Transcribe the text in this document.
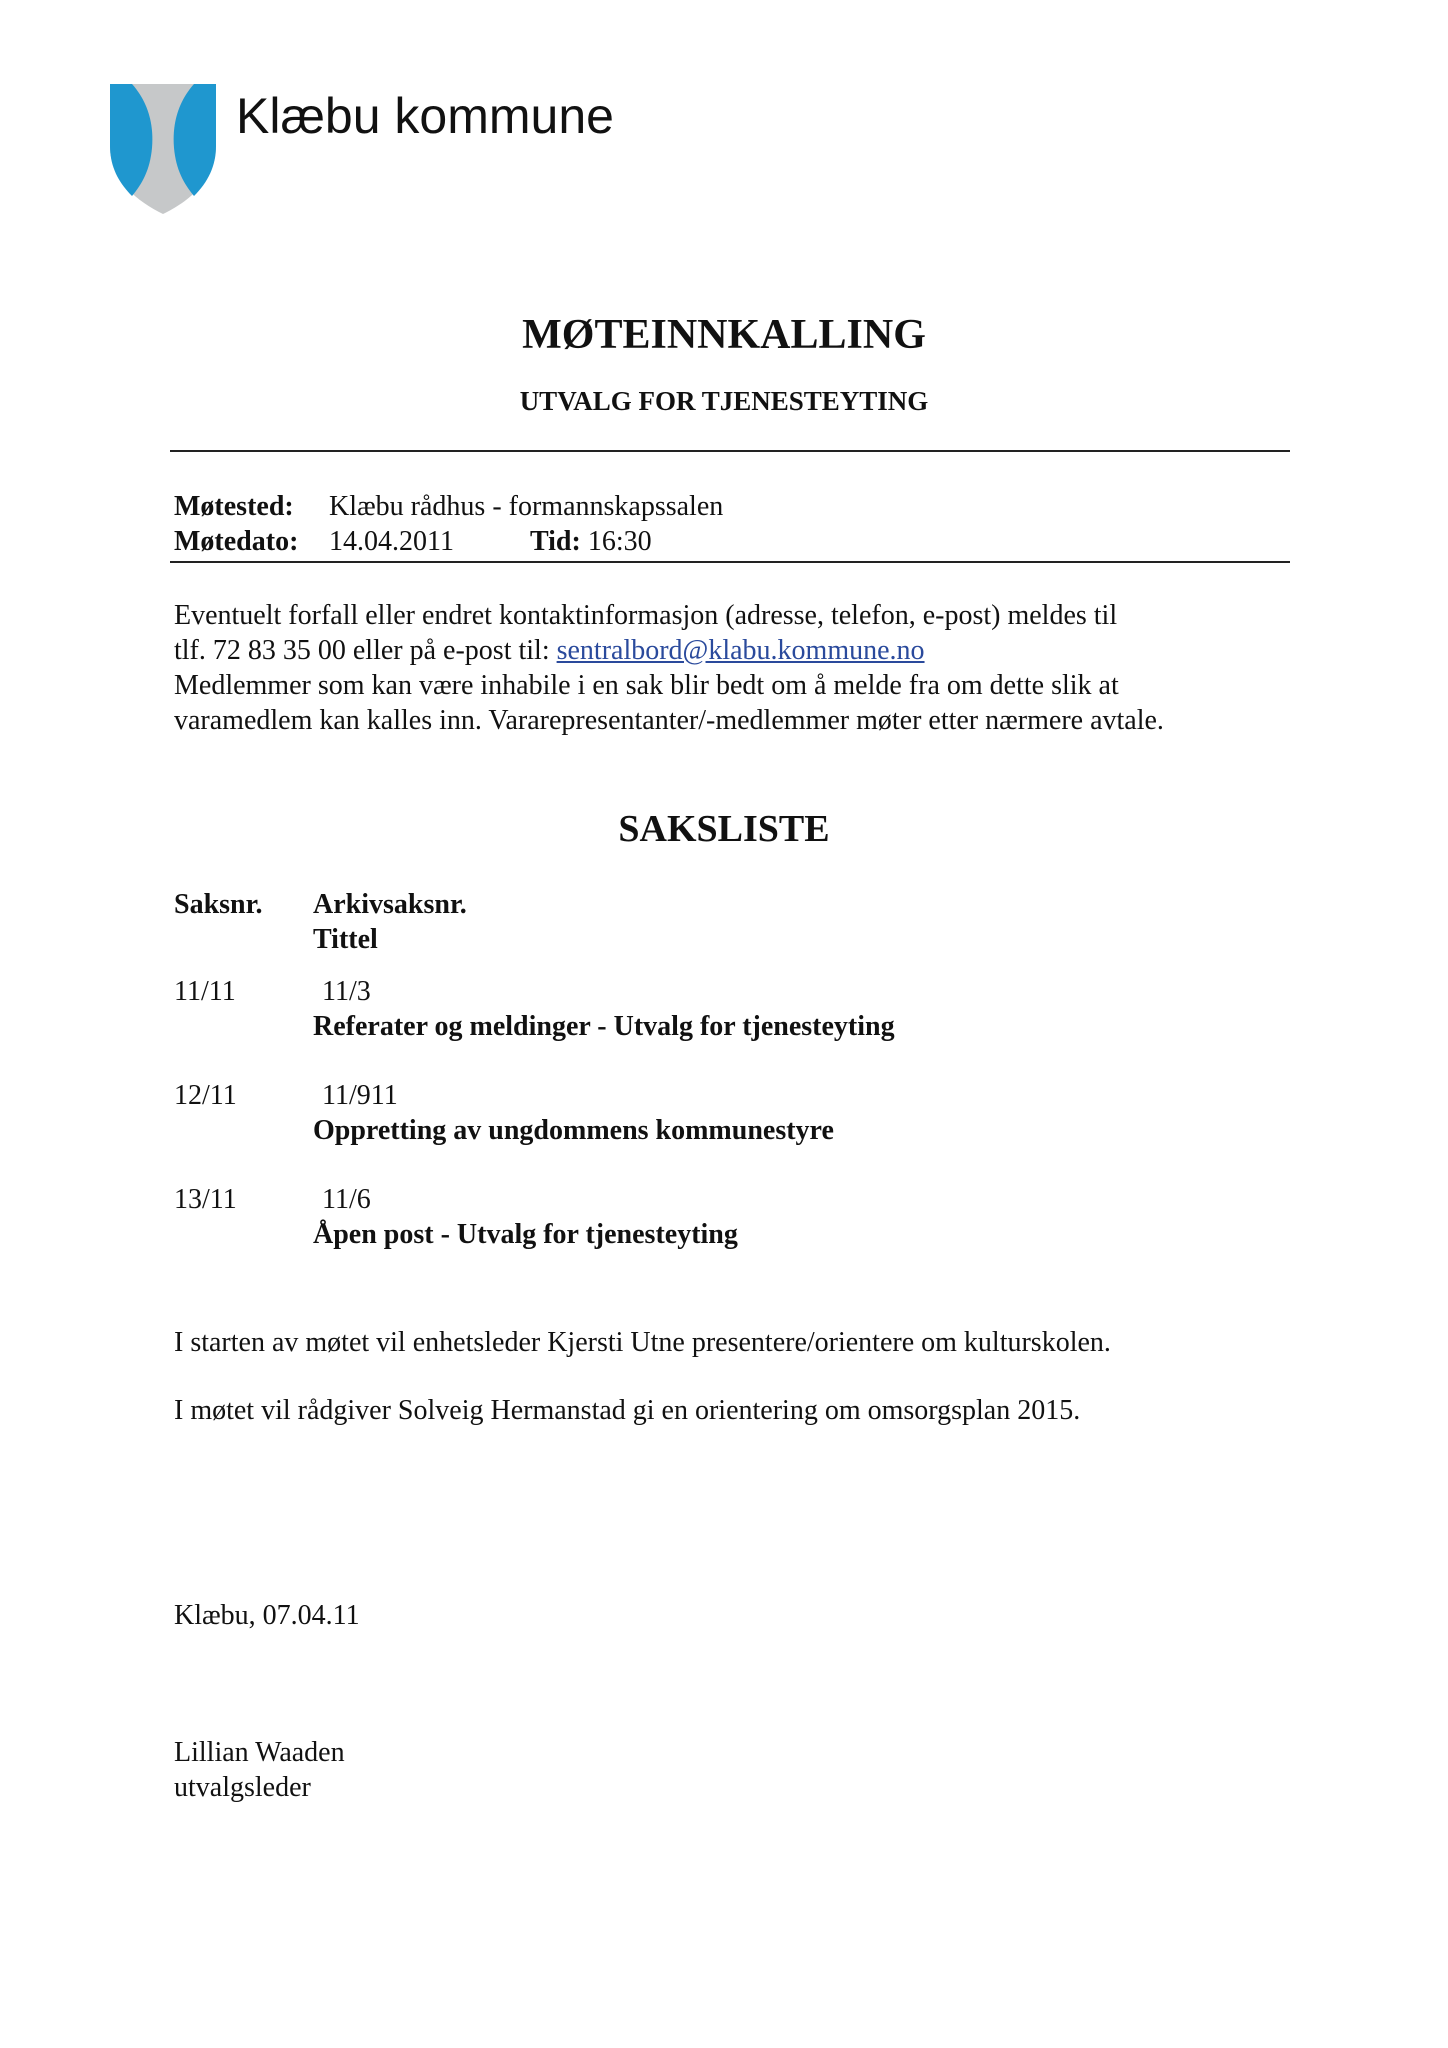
Klæbu kommune
MØTEINNKALLING
UTVALG FOR TJENESTEYTING
Møtested: Klæbu rådhus - formannskapssalen
Møtedato: 14.04.2011	Tid: 16:30
Eventuelt forfall eller endret kontaktinformasjon (adresse, telefon, e-post) meldes til
tlf. 72 83 35 00 eller på e-post til: sentralbord@klabu.kommune.no
Medlemmer som kan være inhabile i en sak blir bedt om å melde fra om dette slik at
varamedlem kan kalles inn. Vararepresentanter/-medlemmer møter etter nærmere avtale.
SAKSLISTE
Saksnr. Arkivsaksnr.
Tittel
11/11	11/3
Referater og meldinger - Utvalg for tjenesteyting
12/11	11/911
Oppretting av ungdommens kommunestyre
13/11	11/6
Åpen post - Utvalg for tjenesteyting
I starten av møtet vil enhetsleder Kjersti Utne presentere/orientere om kulturskolen.
I møtet vil rådgiver Solveig Hermanstad gi en orientering om omsorgsplan 2015.
Klæbu, 07.04.11
Lillian Waaden
utvalgsleder
